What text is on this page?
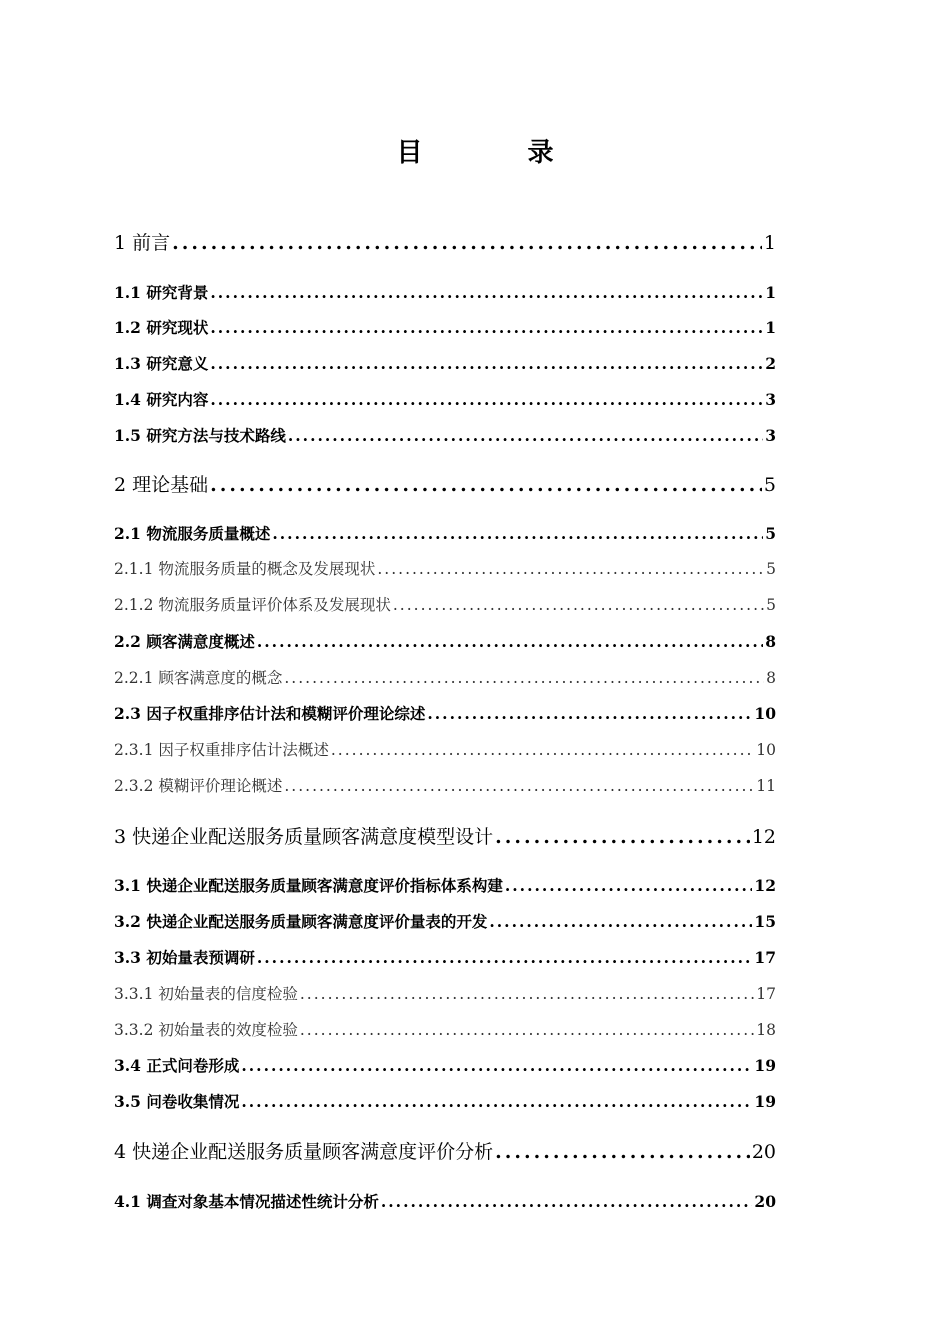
目 录
1 前言 .....	1
1.1 研究背景 .....	1
1.2 研究现状 .....	1
1.3 研究意义 .....	2
1.4 研究内容 .....	3
1.5 研究方法与技术路线 .....	3
2 理论基础 .....	5
2.1 物流服务质量概述 .....	5
2.1.1 物流服务质量的概念及发展现状 .....	5
2.1.2 物流服务质量评价体系及发展现状 .....	5
2.2 顾客满意度概述 .....	8
2.2.1 顾客满意度的概念 .....	8
2.3 因子权重排序估计法和模糊评价理论综述 .....	10
2.3.1 因子权重排序估计法概述 .....	10
2.3.2 模糊评价理论概述 .....	11
3 快递企业配送服务质量顾客满意度模型设计 .....	12
3.1 快递企业配送服务质量顾客满意度评价指标体系构建 .....	12
3.2 快递企业配送服务质量顾客满意度评价量表的开发 .....	15
3.3 初始量表预调研 .....	17
3.3.1 初始量表的信度检验 .....	17
3.3.2 初始量表的效度检验 .....	18
3.4 正式问卷形成 .....	19
3.5 问卷收集情况 .....	19
4 快递企业配送服务质量顾客满意度评价分析 .....	20
4.1 调查对象基本情况描述性统计分析 .....	20
